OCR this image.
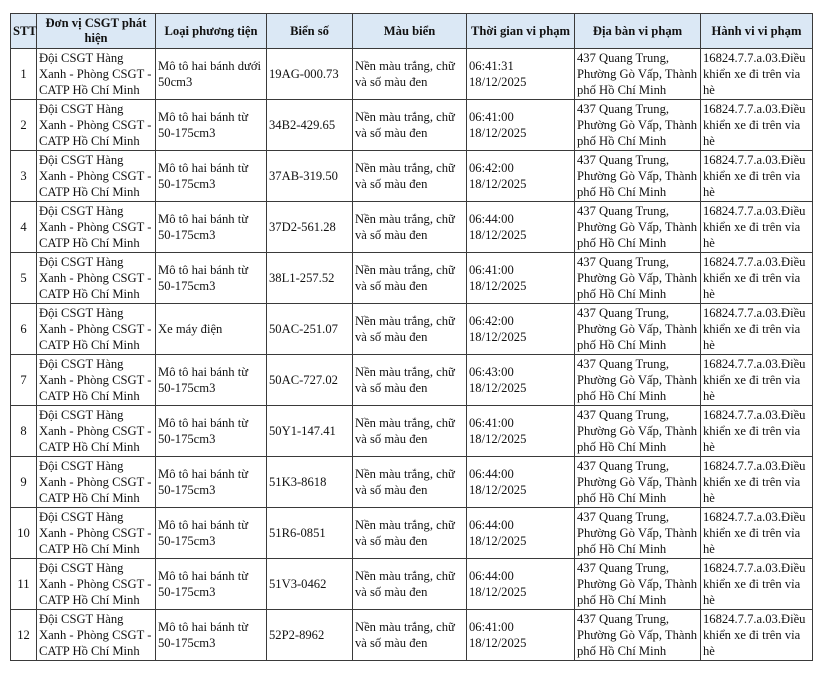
STT	Đơn vị CSGT phát hiện	Loại phương tiện	Biển số	Màu biển	Thời gian vi phạm	Địa bàn vi phạm	Hành vi vi phạm
1	Đội CSGT Hàng Xanh - Phòng CSGT - CATP Hồ Chí Minh	Mô tô hai bánh dưới 50cm3	19AG-000.73	Nền màu trắng, chữ và số màu đen	06:41:31 18/12/2025	437 Quang Trung, Phường Gò Vấp, Thành phố Hồ Chí Minh	16824.7.7.a.03.Điều khiển xe đi trên vỉa hè
2	Đội CSGT Hàng Xanh - Phòng CSGT - CATP Hồ Chí Minh	Mô tô hai bánh từ 50-175cm3	34B2-429.65	Nền màu trắng, chữ và số màu đen	06:41:00 18/12/2025	437 Quang Trung, Phường Gò Vấp, Thành phố Hồ Chí Minh	16824.7.7.a.03.Điều khiển xe đi trên vỉa hè
3	Đội CSGT Hàng Xanh - Phòng CSGT - CATP Hồ Chí Minh	Mô tô hai bánh từ 50-175cm3	37AB-319.50	Nền màu trắng, chữ và số màu đen	06:42:00 18/12/2025	437 Quang Trung, Phường Gò Vấp, Thành phố Hồ Chí Minh	16824.7.7.a.03.Điều khiển xe đi trên vỉa hè
4	Đội CSGT Hàng Xanh - Phòng CSGT - CATP Hồ Chí Minh	Mô tô hai bánh từ 50-175cm3	37D2-561.28	Nền màu trắng, chữ và số màu đen	06:44:00 18/12/2025	437 Quang Trung, Phường Gò Vấp, Thành phố Hồ Chí Minh	16824.7.7.a.03.Điều khiển xe đi trên vỉa hè
5	Đội CSGT Hàng Xanh - Phòng CSGT - CATP Hồ Chí Minh	Mô tô hai bánh từ 50-175cm3	38L1-257.52	Nền màu trắng, chữ và số màu đen	06:41:00 18/12/2025	437 Quang Trung, Phường Gò Vấp, Thành phố Hồ Chí Minh	16824.7.7.a.03.Điều khiển xe đi trên vỉa hè
6	Đội CSGT Hàng Xanh - Phòng CSGT - CATP Hồ Chí Minh	Xe máy điện	50AC-251.07	Nền màu trắng, chữ và số màu đen	06:42:00 18/12/2025	437 Quang Trung, Phường Gò Vấp, Thành phố Hồ Chí Minh	16824.7.7.a.03.Điều khiển xe đi trên vỉa hè
7	Đội CSGT Hàng Xanh - Phòng CSGT - CATP Hồ Chí Minh	Mô tô hai bánh từ 50-175cm3	50AC-727.02	Nền màu trắng, chữ và số màu đen	06:43:00 18/12/2025	437 Quang Trung, Phường Gò Vấp, Thành phố Hồ Chí Minh	16824.7.7.a.03.Điều khiển xe đi trên vỉa hè
8	Đội CSGT Hàng Xanh - Phòng CSGT - CATP Hồ Chí Minh	Mô tô hai bánh từ 50-175cm3	50Y1-147.41	Nền màu trắng, chữ và số màu đen	06:41:00 18/12/2025	437 Quang Trung, Phường Gò Vấp, Thành phố Hồ Chí Minh	16824.7.7.a.03.Điều khiển xe đi trên vỉa hè
9	Đội CSGT Hàng Xanh - Phòng CSGT - CATP Hồ Chí Minh	Mô tô hai bánh từ 50-175cm3	51K3-8618	Nền màu trắng, chữ và số màu đen	06:44:00 18/12/2025	437 Quang Trung, Phường Gò Vấp, Thành phố Hồ Chí Minh	16824.7.7.a.03.Điều khiển xe đi trên vỉa hè
10	Đội CSGT Hàng Xanh - Phòng CSGT - CATP Hồ Chí Minh	Mô tô hai bánh từ 50-175cm3	51R6-0851	Nền màu trắng, chữ và số màu đen	06:44:00 18/12/2025	437 Quang Trung, Phường Gò Vấp, Thành phố Hồ Chí Minh	16824.7.7.a.03.Điều khiển xe đi trên vỉa hè
11	Đội CSGT Hàng Xanh - Phòng CSGT - CATP Hồ Chí Minh	Mô tô hai bánh từ 50-175cm3	51V3-0462	Nền màu trắng, chữ và số màu đen	06:44:00 18/12/2025	437 Quang Trung, Phường Gò Vấp, Thành phố Hồ Chí Minh	16824.7.7.a.03.Điều khiển xe đi trên vỉa hè
12	Đội CSGT Hàng Xanh - Phòng CSGT - CATP Hồ Chí Minh	Mô tô hai bánh từ 50-175cm3	52P2-8962	Nền màu trắng, chữ và số màu đen	06:41:00 18/12/2025	437 Quang Trung, Phường Gò Vấp, Thành phố Hồ Chí Minh	16824.7.7.a.03.Điều khiển xe đi trên vỉa hè
